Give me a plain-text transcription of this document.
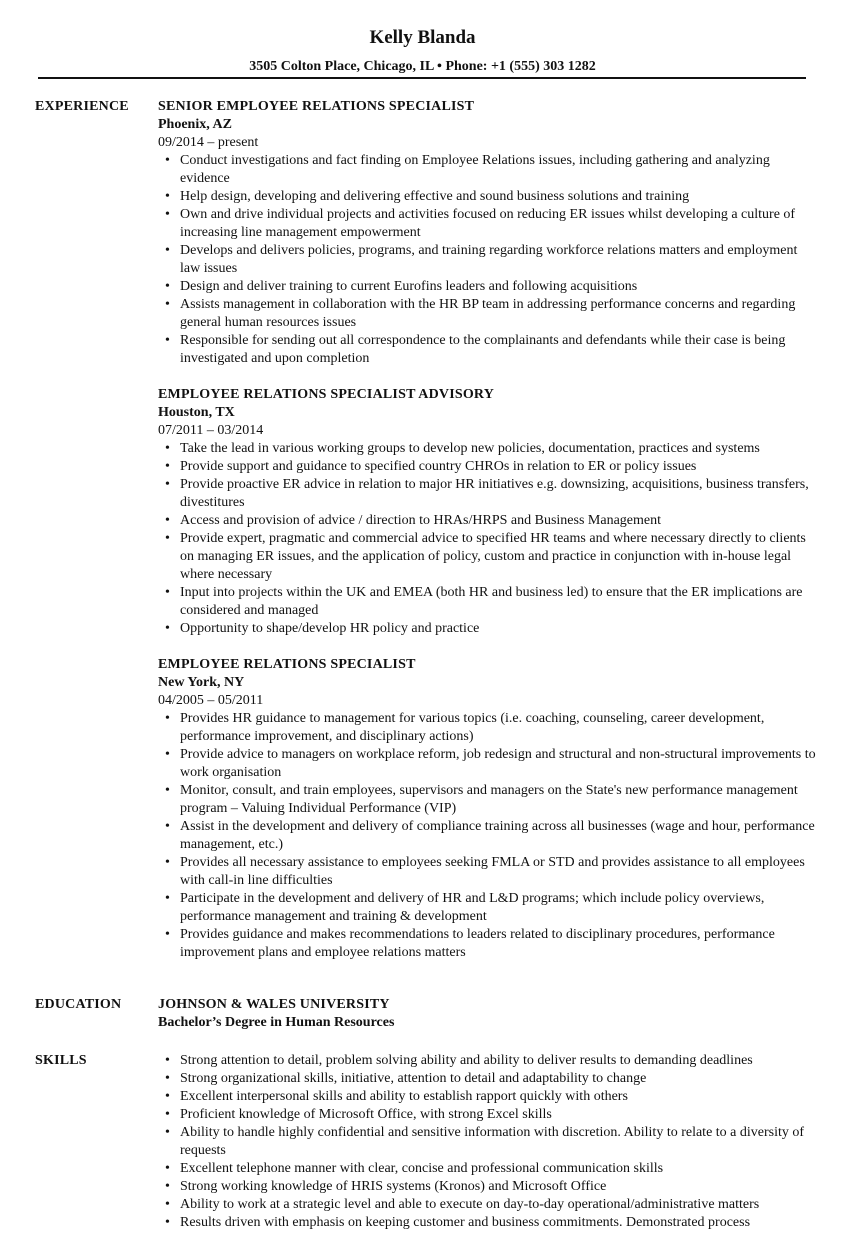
Kelly Blanda
3505 Colton Place, Chicago, IL • Phone: +1 (555) 303 1282
EXPERIENCE SENIOR EMPLOYEE RELATIONS SPECIALIST
Phoenix, AZ
09/2014 – present
• Conduct investigations and fact finding on Employee Relations issues, including gathering and analyzing evidence
• Help design, developing and delivering effective and sound business solutions and training
• Own and drive individual projects and activities focused on reducing ER issues whilst developing a culture of increasing line management empowerment
• Develops and delivers policies, programs, and training regarding workforce relations matters and employment law issues
• Design and deliver training to current Eurofins leaders and following acquisitions
• Assists management in collaboration with the HR BP team in addressing performance concerns and regarding general human resources issues
• Responsible for sending out all correspondence to the complainants and defendants while their case is being investigated and upon completion
EMPLOYEE RELATIONS SPECIALIST ADVISORY
Houston, TX
07/2011 – 03/2014
• Take the lead in various working groups to develop new policies, documentation, practices and systems
• Provide support and guidance to specified country CHROs in relation to ER or policy issues
• Provide proactive ER advice in relation to major HR initiatives e.g. downsizing, acquisitions, business transfers, divestitures
• Access and provision of advice / direction to HRAs/HRPS and Business Management
• Provide expert, pragmatic and commercial advice to specified HR teams and where necessary directly to clients on managing ER issues, and the application of policy, custom and practice in conjunction with in-house legal where necessary
• Input into projects within the UK and EMEA (both HR and business led) to ensure that the ER implications are considered and managed
• Opportunity to shape/develop HR policy and practice
EMPLOYEE RELATIONS SPECIALIST
New York, NY
04/2005 – 05/2011
• Provides HR guidance to management for various topics (i.e. coaching, counseling, career development, performance improvement, and disciplinary actions)
• Provide advice to managers on workplace reform, job redesign and structural and non-structural improvements to work organisation
• Monitor, consult, and train employees, supervisors and managers on the State's new performance management program – Valuing Individual Performance (VIP)
• Assist in the development and delivery of compliance training across all businesses (wage and hour, performance management, etc.)
• Provides all necessary assistance to employees seeking FMLA or STD and provides assistance to all employees with call-in line difficulties
• Participate in the development and delivery of HR and L&D programs; which include policy overviews, performance management and training & development
• Provides guidance and makes recommendations to leaders related to disciplinary procedures, performance improvement plans and employee relations matters
EDUCATION	JOHNSON & WALES UNIVERSITY
Bachelor’s Degree in Human Resources
SKILLS	• Strong attention to detail, problem solving ability and ability to deliver results to demanding deadlines
• Strong organizational skills, initiative, attention to detail and adaptability to change
• Excellent interpersonal skills and ability to establish rapport quickly with others
• Proficient knowledge of Microsoft Office, with strong Excel skills
• Ability to handle highly confidential and sensitive information with discretion. Ability to relate to a diversity of requests
• Excellent telephone manner with clear, concise and professional communication skills
• Strong working knowledge of HRIS systems (Kronos) and Microsoft Office
• Ability to work at a strategic level and able to execute on day-to-day operational/administrative matters
• Results driven with emphasis on keeping customer and business commitments. Demonstrated process
